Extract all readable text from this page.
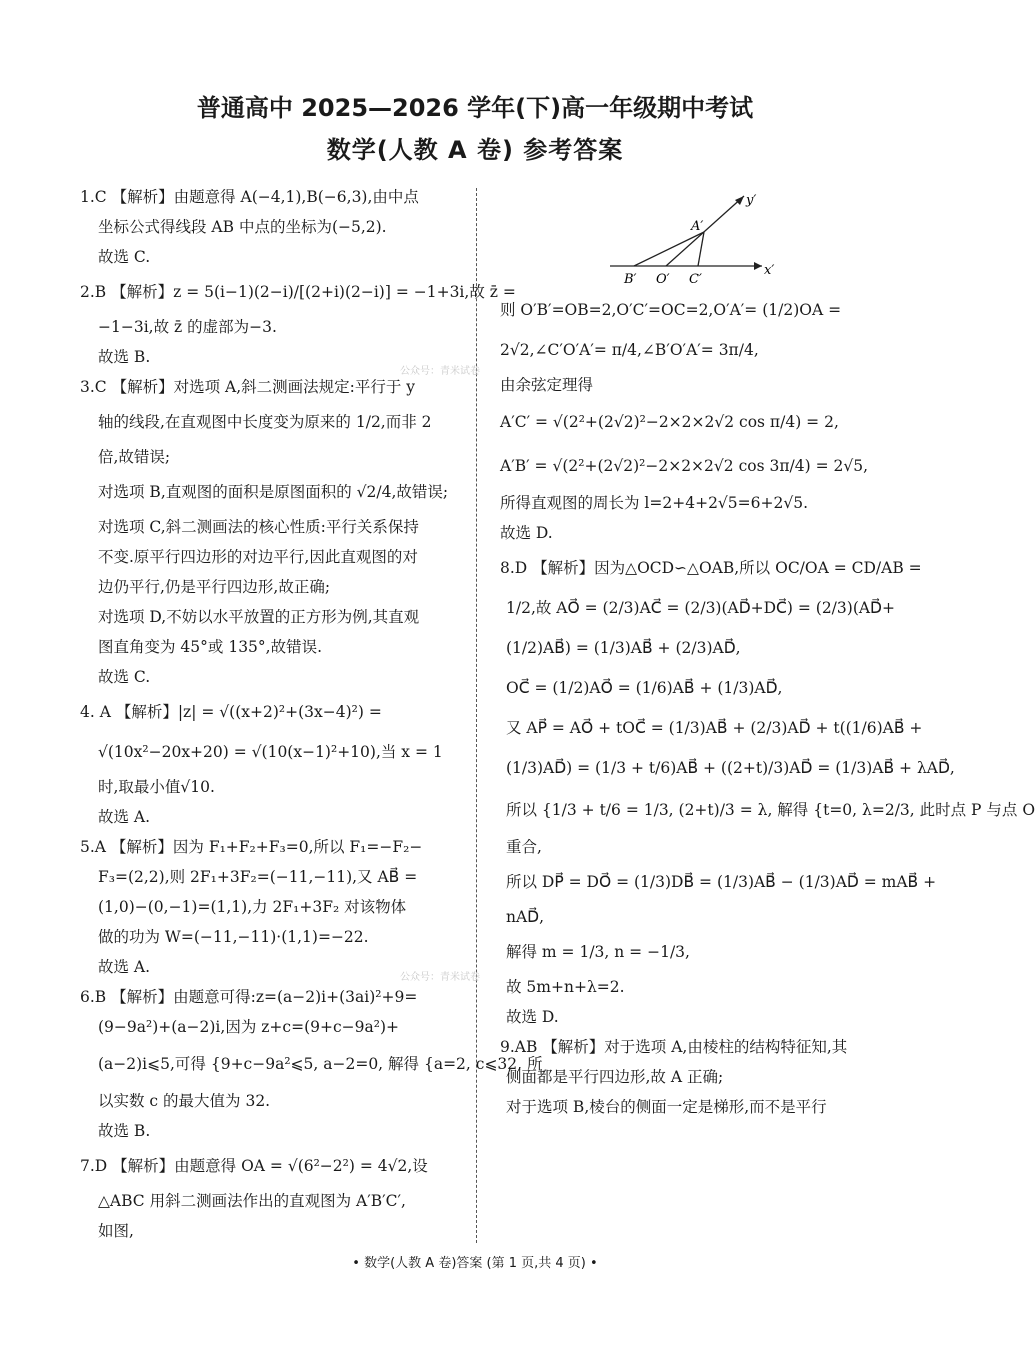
普通高中 2025—2026 学年(下)高一年级期中考试
数学(人教 A 卷) 参考答案
1.C 【解析】由题意得 A(−4,1),B(−6,3),由中点
坐标公式得线段 AB 中点的坐标为(−5,2).
故选 C.
2.B 【解析】z = 5(i−1)(2−i)/[(2+i)(2−i)] = −1+3i,故 z̄ =
−1−3i,故 z̄ 的虚部为−3.
故选 B.
3.C 【解析】对选项 A,斜二测画法规定:平行于 y
轴的线段,在直观图中长度变为原来的 1/2,而非 2
倍,故错误;
对选项 B,直观图的面积是原图面积的 √2/4,故错误;
对选项 C,斜二测画法的核心性质:平行关系保持
不变.原平行四边形的对边平行,因此直观图的对
边仍平行,仍是平行四边形,故正确;
对选项 D,不妨以水平放置的正方形为例,其直观
图直角变为 45°或 135°,故错误.
故选 C.
4. A 【解析】|z| = √((x+2)²+(3x−4)²) =
√(10x²−20x+20) = √(10(x−1)²+10),当 x = 1
时,取最小值√10.
故选 A.
5.A 【解析】因为 F₁+F₂+F₃=0,所以 F₁=−F₂−
F₃=(2,2),则 2F₁+3F₂=(−11,−11),又 AB⃗ =
(1,0)−(0,−1)=(1,1),力 2F₁+3F₂ 对该物体
做的功为 W=(−11,−11)·(1,1)=−22.
故选 A.
6.B 【解析】由题意可得:z=(a−2)i+(3ai)²+9=
(9−9a²)+(a−2)i,因为 z+c=(9+c−9a²)+
(a−2)i⩽5,可得 {9+c−9a²⩽5, a−2=0, 解得 {a=2, c⩽32, 所
以实数 c 的最大值为 32.
故选 B.
7.D 【解析】由题意得 OA = √(6²−2²) = 4√2,设
△ABC 用斜二测画法作出的直观图为 A′B′C′,
如图,
x′
y′
A′
B′ O′ C′
则 O′B′=OB=2,O′C′=OC=2,O′A′= (1/2)OA =
2√2,∠C′O′A′= π/4,∠B′O′A′= 3π/4,
由余弦定理得
A′C′ = √(2²+(2√2)²−2×2×2√2 cos π/4) = 2,
A′B′ = √(2²+(2√2)²−2×2×2√2 cos 3π/4) = 2√5,
所得直观图的周长为 l=2+4+2√5=6+2√5.
故选 D.
8.D 【解析】因为△OCD∽△OAB,所以 OC/OA = CD/AB =
1/2,故 AO⃗ = (2/3)AC⃗ = (2/3)(AD⃗+DC⃗) = (2/3)(AD⃗+
(1/2)AB⃗) = (1/3)AB⃗ + (2/3)AD⃗,
OC⃗ = (1/2)AO⃗ = (1/6)AB⃗ + (1/3)AD⃗,
又 AP⃗ = AO⃗ + tOC⃗ = (1/3)AB⃗ + (2/3)AD⃗ + t((1/6)AB⃗ +
(1/3)AD⃗) = (1/3 + t/6)AB⃗ + ((2+t)/3)AD⃗ = (1/3)AB⃗ + λAD⃗,
所以 {1/3 + t/6 = 1/3, (2+t)/3 = λ, 解得 {t=0, λ=2/3, 此时点 P 与点 O
重合,
所以 DP⃗ = DO⃗ = (1/3)DB⃗ = (1/3)AB⃗ − (1/3)AD⃗ = mAB⃗ +
nAD⃗,
解得 m = 1/3, n = −1/3,
故 5m+n+λ=2.
故选 D.
9.AB 【解析】对于选项 A,由棱柱的结构特征知,其
侧面都是平行四边形,故 A 正确;
对于选项 B,棱台的侧面一定是梯形,而不是平行
公众号：青米试卷
公众号：青米试卷
• 数学(人教 A 卷)答案 (第 1 页,共 4 页) •
